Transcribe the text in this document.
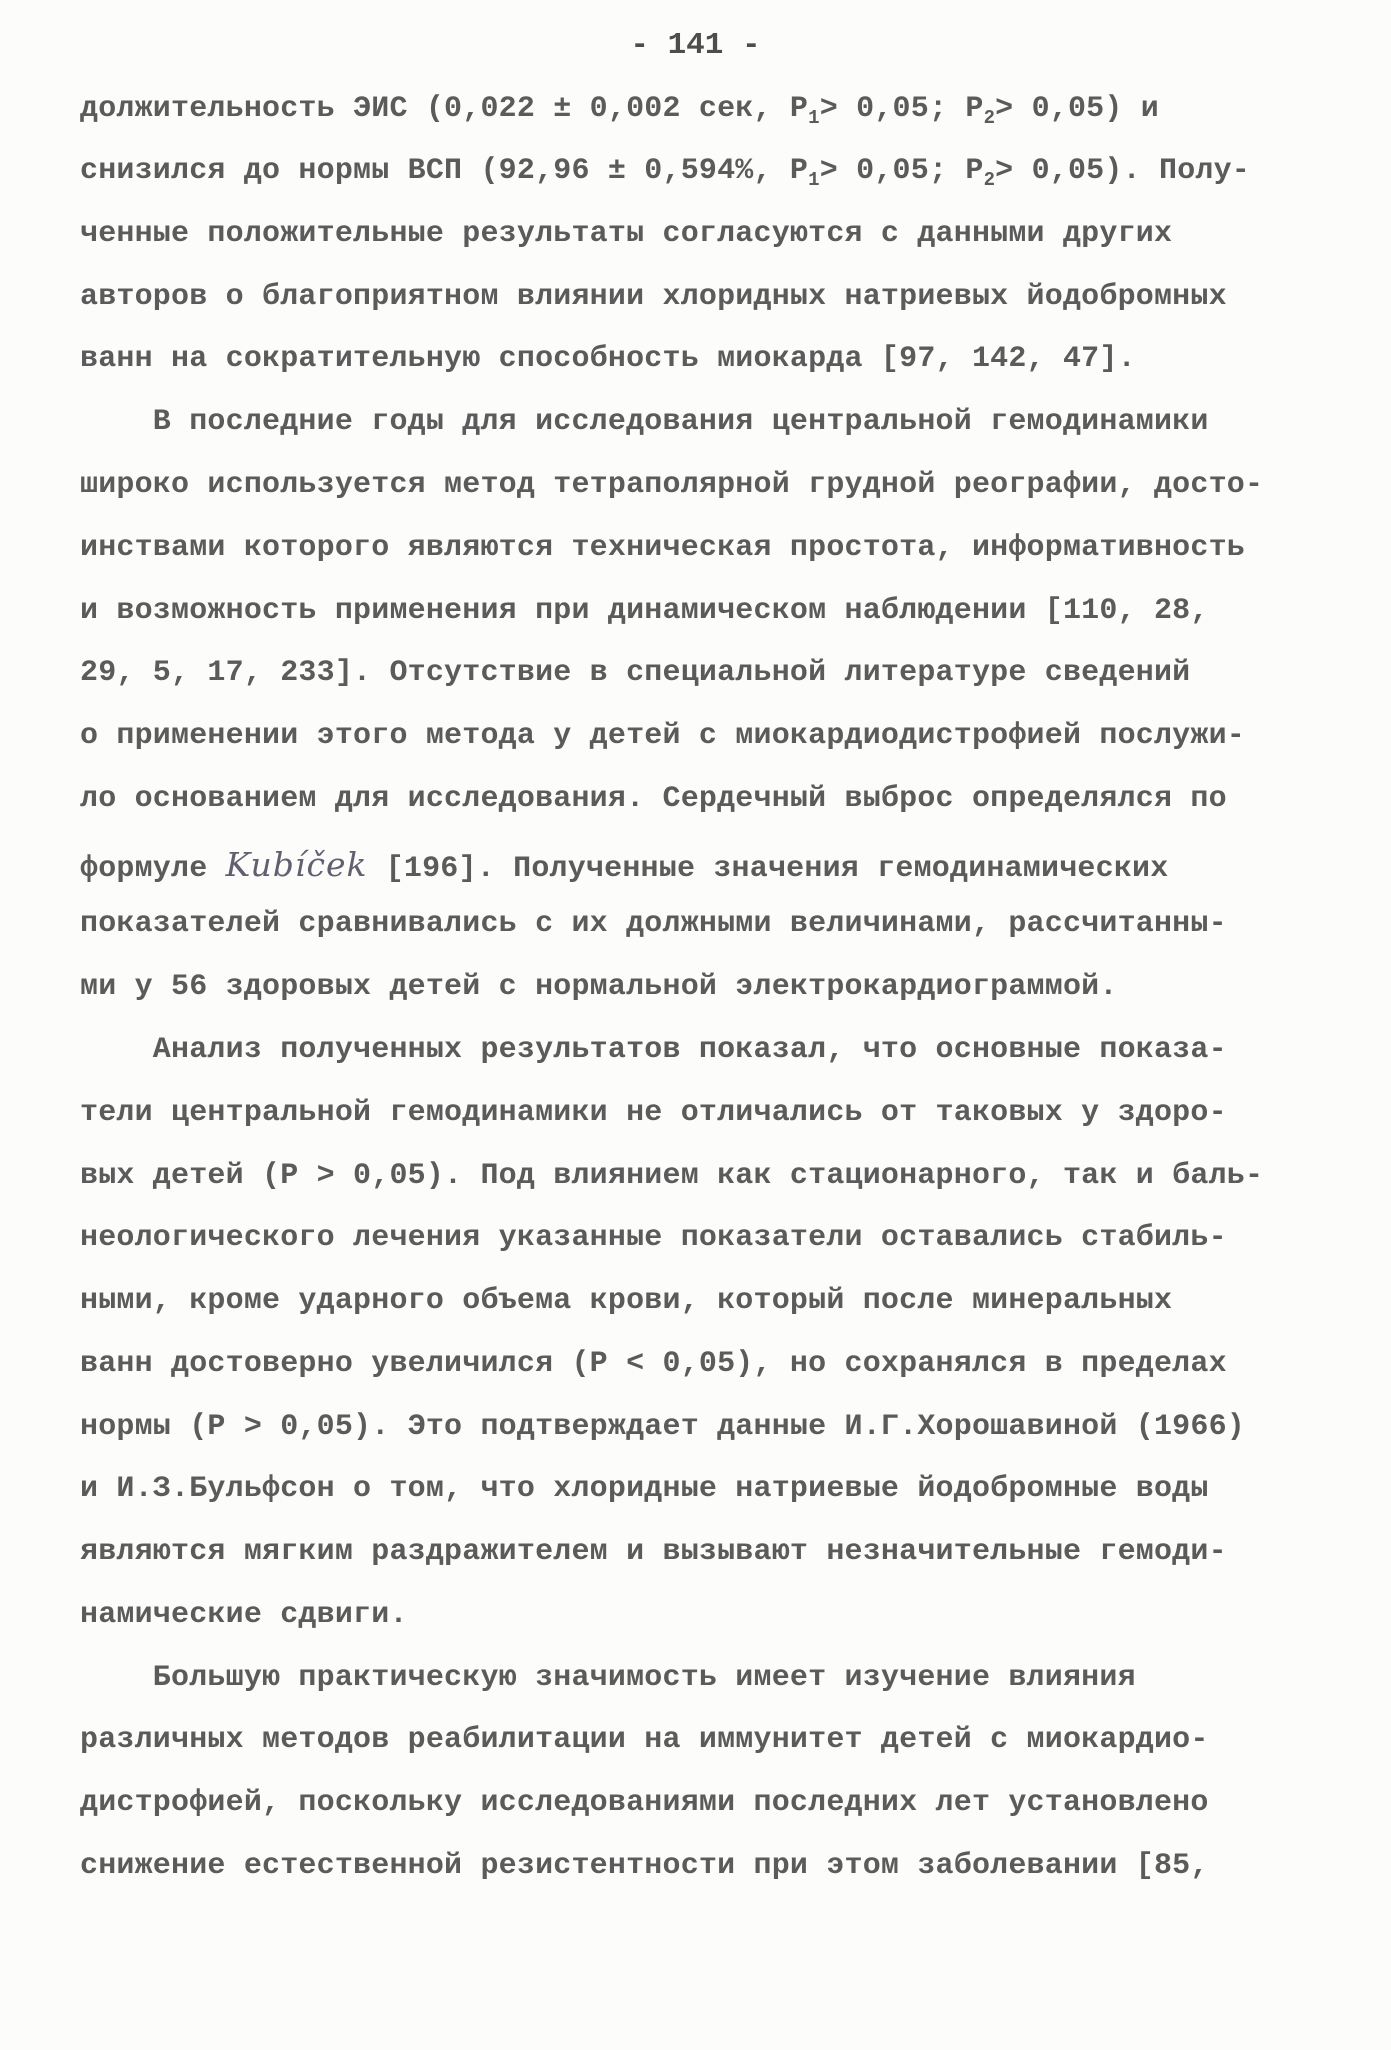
- 141 -
должительность ЭИС (0,022 ± 0,002 сек, $Р_1> 0,05$; $Р_2> 0,05$) и
снизился до нормы ВСП (92,96 ± 0,594%, $Р_1> 0,05$; $Р_2> 0,05$). Полу-
ченные положительные результаты согласуются с данными других
авторов о благоприятном влиянии хлоридных натриевых йодобромных
ванн на сократительную способность миокарда [97, 142, 47].
В последние годы для исследования центральной гемодинамики
широко используется метод тетраполярной грудной реографии, досто-
инствами которого являются техническая простота, информативность
и возможность применения при динамическом наблюдении [110, 28,
29, 5, 17, 233]. Отсутствие в специальной литературе сведений
о применении этого метода у детей с миокардиодистрофией послужи-
ло основанием для исследования. Сердечный выброс определялся по
формуле Kubíček [196]. Полученные значения гемодинамических
показателей сравнивались с их должными величинами, рассчитанны-
ми у 56 здоровых детей с нормальной электрокардиограммой.
Анализ полученных результатов показал, что основные показа-
тели центральной гемодинамики не отличались от таковых у здоро-
вых детей (Р > 0,05). Под влиянием как стационарного, так и баль-
неологического лечения указанные показатели оставались стабиль-
ными, кроме ударного объема крови, который после минеральных
ванн достоверно увеличился (Р < 0,05), но сохранялся в пределах
нормы (Р > 0,05). Это подтверждает данные И.Г.Хорошавиной (1966)
и И.З.Бульфсон о том, что хлоридные натриевые йодобромные воды
являются мягким раздражителем и вызывают незначительные гемоди-
намические сдвиги.
Большую практическую значимость имеет изучение влияния
различных методов реабилитации на иммунитет детей с миокардио-
дистрофией, поскольку исследованиями последних лет установлено
снижение естественной резистентности при этом заболевании [85,
